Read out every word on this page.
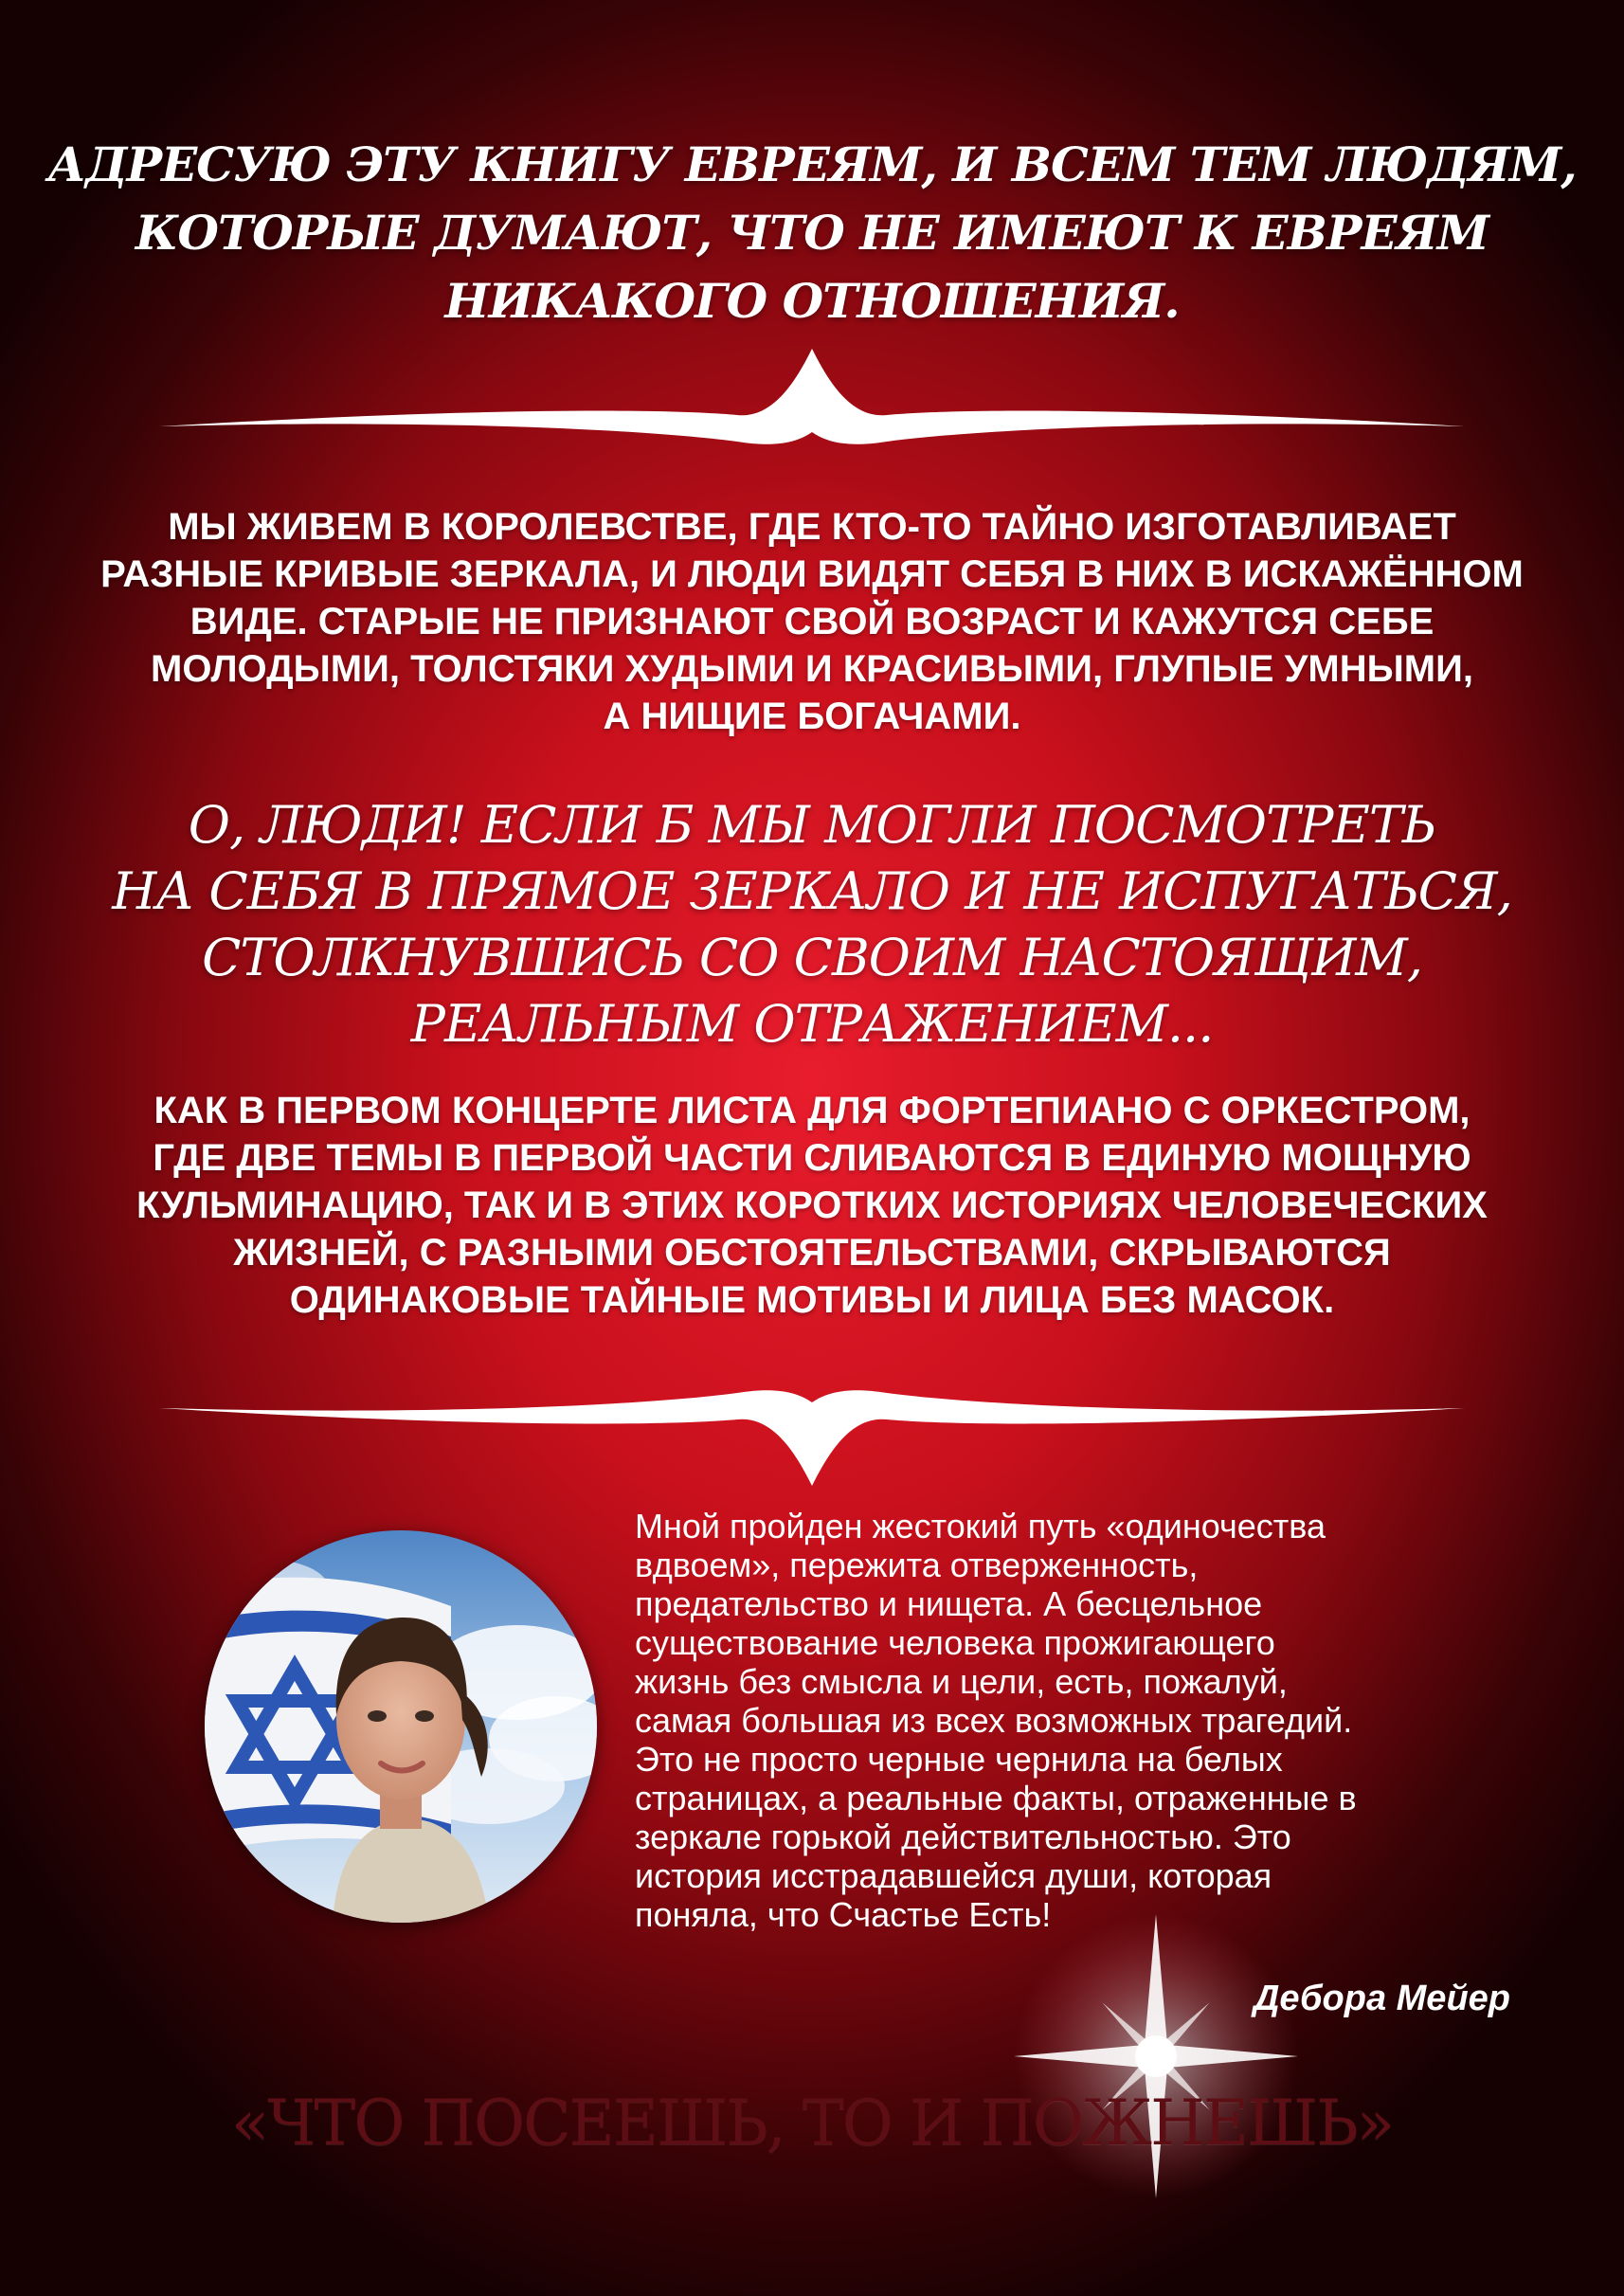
АДРЕСУЮ ЭТУ КНИГУ ЕВРЕЯМ, И ВСЕМ ТЕМ ЛЮДЯМ,
КОТОРЫЕ ДУМАЮТ, ЧТО НЕ ИМЕЮТ К ЕВРЕЯМ
НИКАКОГО ОТНОШЕНИЯ.

МЫ ЖИВЕМ В КОРОЛЕВСТВЕ, ГДЕ КТО-ТО ТАЙНО ИЗГОТАВЛИВАЕТ
РАЗНЫЕ КРИВЫЕ ЗЕРКАЛА, И ЛЮДИ ВИДЯТ СЕБЯ В НИХ В ИСКАЖЁННОМ
ВИДЕ. СТАРЫЕ НЕ ПРИЗНАЮТ СВОЙ ВОЗРАСТ И КАЖУТСЯ СЕБЕ
МОЛОДЫМИ, ТОЛСТЯКИ ХУДЫМИ И КРАСИВЫМИ, ГЛУПЫЕ УМНЫМИ,
А НИЩИЕ БОГАЧАМИ.

О, ЛЮДИ! ЕСЛИ Б МЫ МОГЛИ ПОСМОТРЕТЬ
НА СЕБЯ В ПРЯМОЕ ЗЕРКАЛО И НЕ ИСПУГАТЬСЯ,
СТОЛКНУВШИСЬ СО СВОИМ НАСТОЯЩИМ,
РЕАЛЬНЫМ ОТРАЖЕНИЕМ...

КАК В ПЕРВОМ КОНЦЕРТЕ ЛИСТА ДЛЯ ФОРТЕПИАНО С ОРКЕСТРОМ,
ГДЕ ДВЕ ТЕМЫ В ПЕРВОЙ ЧАСТИ СЛИВАЮТСЯ В ЕДИНУЮ МОЩНУЮ
КУЛЬМИНАЦИЮ, ТАК И В ЭТИХ КОРОТКИХ ИСТОРИЯХ ЧЕЛОВЕЧЕСКИХ
ЖИЗНЕЙ, С РАЗНЫМИ ОБСТОЯТЕЛЬСТВАМИ, СКРЫВАЮТСЯ
ОДИНАКОВЫЕ ТАЙНЫЕ МОТИВЫ И ЛИЦА БЕЗ МАСОК.

Мной пройден жестокий путь «одиночества
вдвоем», пережита отверженность,
предательство и нищета. А бесцельное
существование человека прожигающего
жизнь без смысла и цели, есть, пожалуй,
самая большая из всех возможных трагедий.
Это не просто черные чернила на белых
страницах, а реальные факты, отраженные в
зеркале горькой действительностью. Это
история исстрадавшейся души, которая
поняла, что Счастье Есть!

Дебора Мейер
«ЧТО ПОСЕЕШЬ, ТО И ПОЖНЕШЬ»
